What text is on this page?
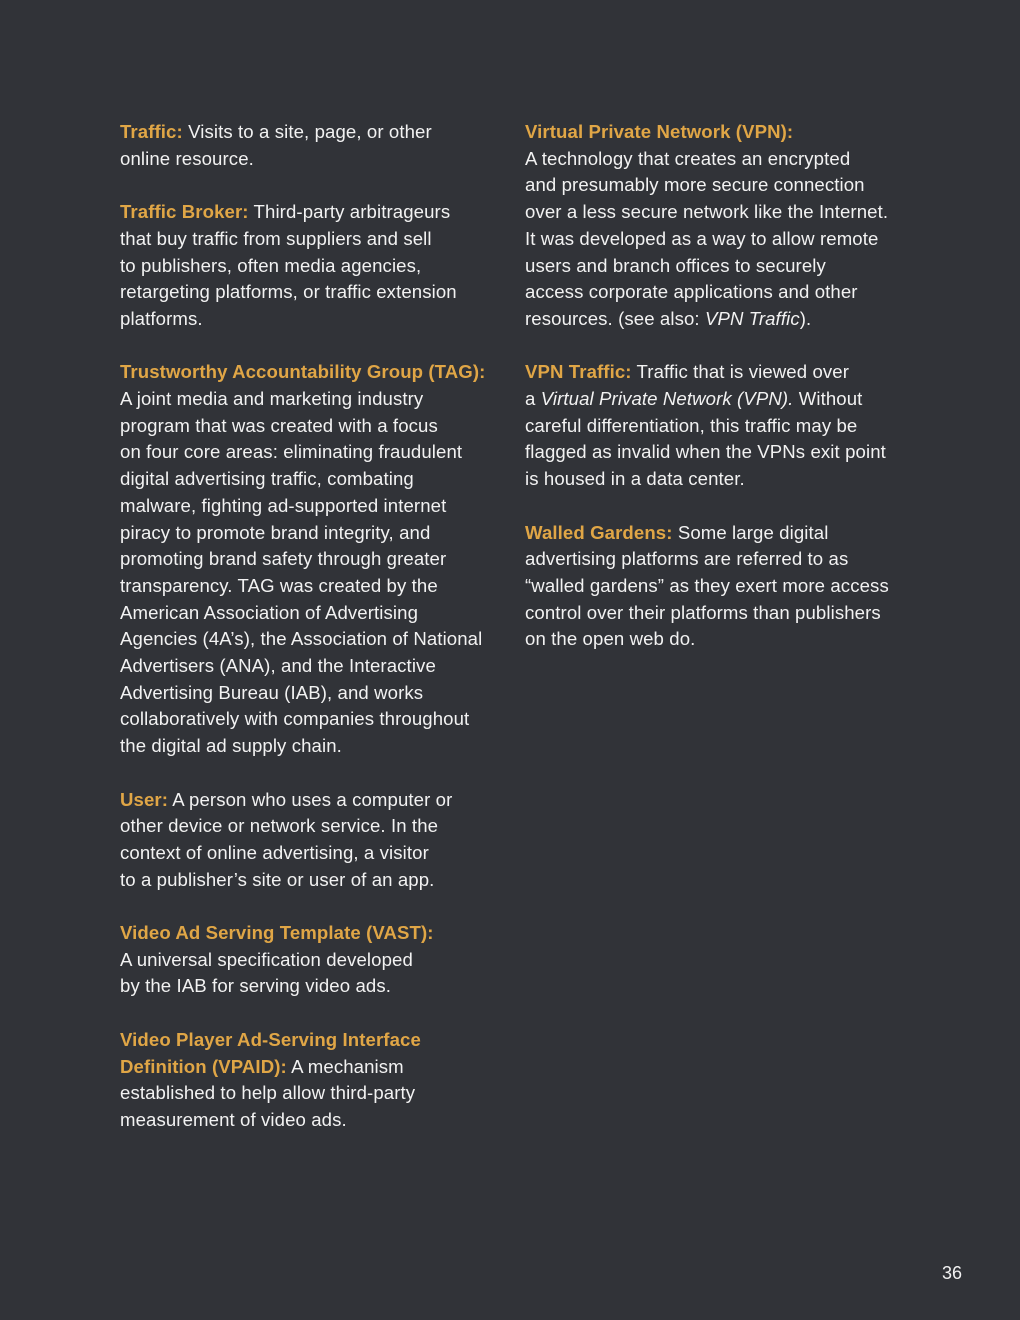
Traffic: Visits to a site, page, or other
online resource.
Traffic Broker: Third-party arbitrageurs
that buy traffic from suppliers and sell
to publishers, often media agencies,
retargeting platforms, or traffic extension
platforms.
Trustworthy Accountability Group (TAG):
A joint media and marketing industry
program that was created with a focus
on four core areas: eliminating fraudulent
digital advertising traffic, combating
malware, fighting ad-supported internet
piracy to promote brand integrity, and
promoting brand safety through greater
transparency. TAG was created by the
American Association of Advertising
Agencies (4A’s), the Association of National
Advertisers (ANA), and the Interactive
Advertising Bureau (IAB), and works
collaboratively with companies throughout
the digital ad supply chain.
User: A person who uses a computer or
other device or network service. In the
context of online advertising, a visitor
to a publisher’s site or user of an app.
Video Ad Serving Template (VAST):
A universal specification developed
by the IAB for serving video ads.
Video Player Ad-Serving Interface
Definition (VPAID): A mechanism
established to help allow third-party
measurement of video ads.
Virtual Private Network (VPN):
A technology that creates an encrypted
and presumably more secure connection
over a less secure network like the Internet.
It was developed as a way to allow remote
users and branch offices to securely
access corporate applications and other
resources. (see also: VPN Traffic).
VPN Traffic: Traffic that is viewed over
a Virtual Private Network (VPN). Without
careful differentiation, this traffic may be
flagged as invalid when the VPNs exit point
is housed in a data center.
Walled Gardens: Some large digital
advertising platforms are referred to as
“walled gardens” as they exert more access
control over their platforms than publishers
on the open web do.
36
